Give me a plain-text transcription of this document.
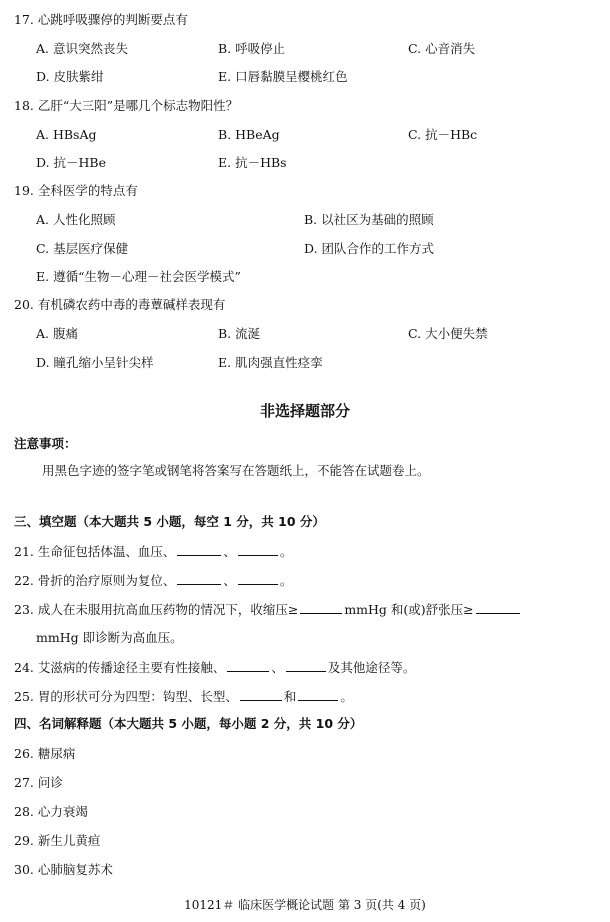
17. 心跳呼吸骤停的判断要点有
A. 意识突然丧失	B. 呼吸停止	C. 心音消失
D. 皮肤紫绀	E. 口唇黏膜呈樱桃红色
18. 乙肝“大三阳”是哪几个标志物阳性？
A. HBsAg	B. HBeAg	C. 抗－HBc
D. 抗－HBe	E. 抗－HBs
19. 全科医学的特点有
A. 人性化照顾	B. 以社区为基础的照顾
C. 基层医疗保健	D. 团队合作的工作方式
E. 遵循“生物－心理－社会医学模式”
20. 有机磷农药中毒的毒蕈碱样表现有
A. 腹痛	B. 流涎	C. 大小便失禁
D. 瞳孔缩小呈针尖样	E. 肌肉强直性痉挛
非选择题部分
注意事项：
用黑色字迹的签字笔或钢笔将答案写在答题纸上，不能答在试题卷上。
三、填空题（本大题共 5 小题，每空 1 分，共 10 分）
21. 生命征包括体温、血压、	、	。
22. 骨折的治疗原则为复位、	、	。
23. 成人在未服用抗高血压药物的情况下，收缩压≥	mmHg 和(或)舒张压≥
mmHg 即诊断为高血压。
24. 艾滋病的传播途径主要有性接触、	、	及其他途径等。
25. 胃的形状可分为四型：钩型、长型、	和	。
四、名词解释题（本大题共 5 小题，每小题 2 分，共 10 分）
26. 糖尿病
27. 问诊
28. 心力衰竭
29. 新生儿黄疸
30. 心肺脑复苏术
10121＃ 临床医学概论试题 第 3 页(共 4 页)
